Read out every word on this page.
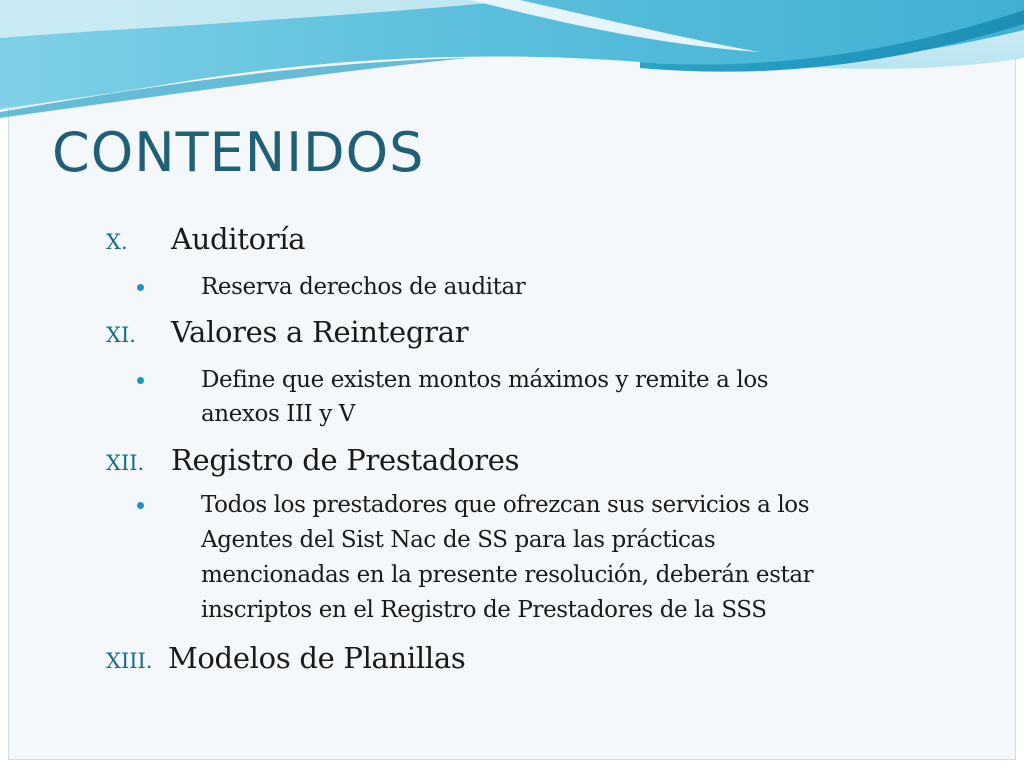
CONTENIDOS
X. Auditoría
Reserva derechos de auditar
XI. Valores a Reintegrar
Define que existen montos máximos y remite a los
anexos III y V
XII. Registro de Prestadores
Todos los prestadores que ofrezcan sus servicios a los
Agentes del Sist Nac de SS para las prácticas
mencionadas en la presente resolución, deberán estar
inscriptos en el Registro de Prestadores de la SSS
XIII. Modelos de Planillas
